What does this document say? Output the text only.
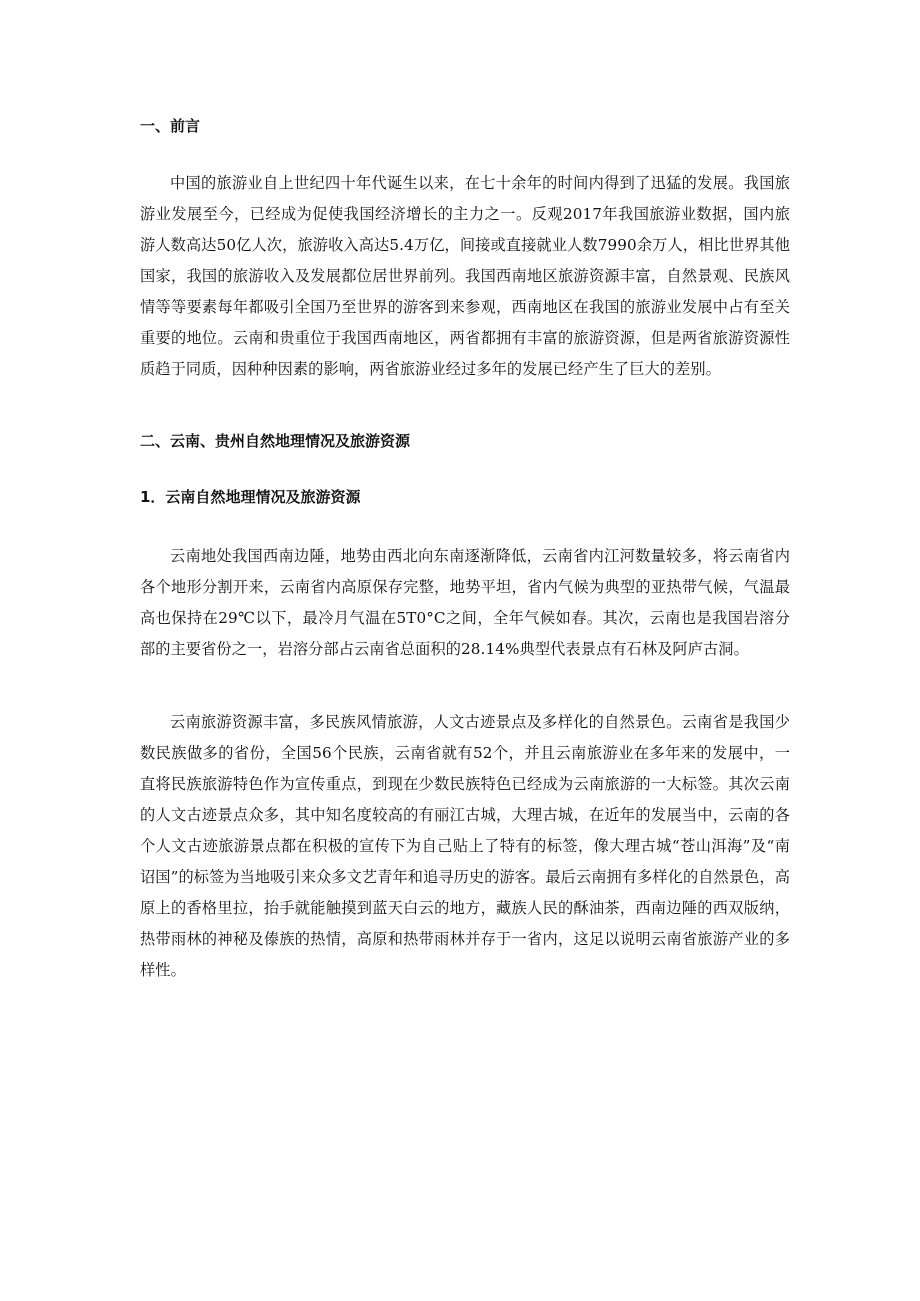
一、前言

中国的旅游业自上世纪四十年代诞生以来，在七十余年的时间内得到了迅猛的发展。我国旅游业发展至今，已经成为促使我国经济增长的主力之一。反观2017年我国旅游业数据，国内旅游人数高达50亿人次，旅游收入高达5.4万亿，间接或直接就业人数7990余万人，相比世界其他国家，我国的旅游收入及发展都位居世界前列。我国西南地区旅游资源丰富，自然景观、民族风情等等要素每年都吸引全国乃至世界的游客到来参观，西南地区在我国的旅游业发展中占有至关重要的地位。云南和贵重位于我国西南地区，两省都拥有丰富的旅游资源，但是两省旅游资源性质趋于同质，因种种因素的影响，两省旅游业经过多年的发展已经产生了巨大的差别。

二、云南、贵州自然地理情况及旅游资源
1．云南自然地理情况及旅游资源

云南地处我国西南边陲，地势由西北向东南逐渐降低，云南省内江河数量较多，将云南省内各个地形分割开来，云南省内高原保存完整，地势平坦，省内气候为典型的亚热带气候，气温最高也保持在29℃以下，最冷月气温在5T0°C之间，全年气候如春。其次，云南也是我国岩溶分部的主要省份之一，岩溶分部占云南省总面积的28.14%典型代表景点有石林及阿庐古洞。

云南旅游资源丰富，多民族风情旅游，人文古迹景点及多样化的自然景色。云南省是我国少数民族做多的省份，全国56个民族，云南省就有52个，并且云南旅游业在多年来的发展中，一直将民族旅游特色作为宣传重点，到现在少数民族特色已经成为云南旅游的一大标签。其次云南的人文古迹景点众多，其中知名度较高的有丽江古城，大理古城，在近年的发展当中，云南的各个人文古迹旅游景点都在积极的宣传下为自己贴上了特有的标签，像大理古城“苍山洱海”及“南诏国”的标签为当地吸引来众多文艺青年和追寻历史的游客。最后云南拥有多样化的自然景色，高原上的香格里拉，抬手就能触摸到蓝天白云的地方，藏族人民的酥油茶，西南边陲的西双版纳，热带雨林的神秘及傣族的热情，高原和热带雨林并存于一省内，这足以说明云南省旅游产业的多样性。
